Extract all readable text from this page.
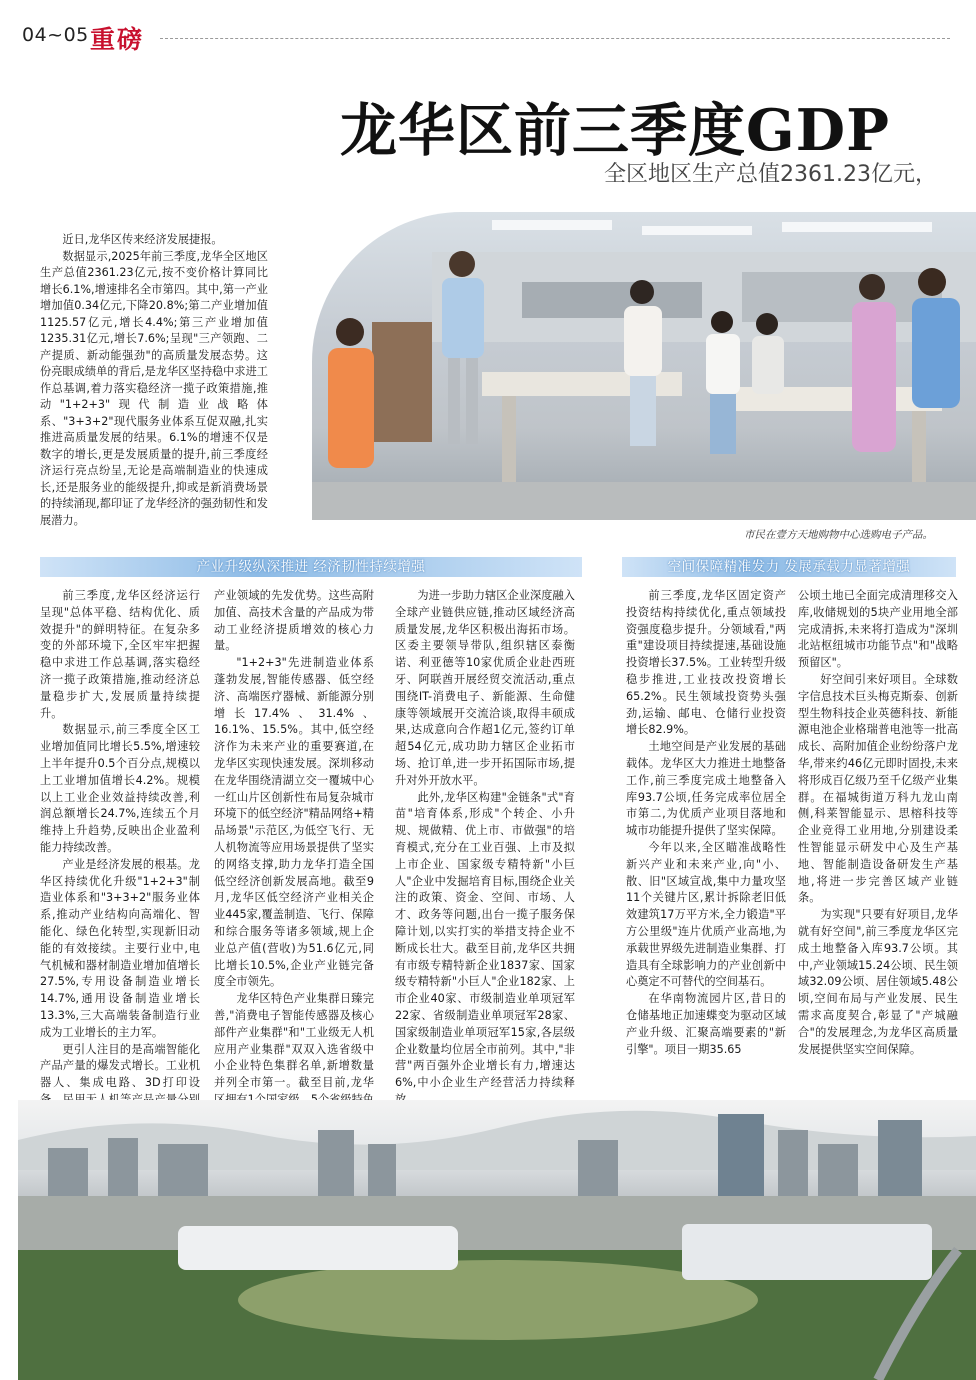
04~05 重磅
龙华区前三季度GDP
全区地区生产总值2361.23亿元，
市民在壹方天地购物中心选购电子产品。

近日,龙华区传来经济发展捷报。

数据显示,2025年前三季度,龙华全区地区生产总值2361.23亿元,按不变价格计算同比增长6.1%,增速排名全市第四。其中,第一产业增加值0.34亿元,下降20.8%;第二产业增加值1125.57亿元,增长4.4%;第三产业增加值1235.31亿元,增长7.6%;呈现"三产领跑、二产提质、新动能强劲"的高质量发展态势。这份亮眼成绩单的背后,是龙华区坚持稳中求进工作总基调,着力落实稳经济一揽子政策措施,推动"1+2+3"现代制造业战略体系、"3+3+2"现代服务业体系互促双融,扎实推进高质量发展的结果。6.1%的增速不仅是数字的增长,更是发展质量的提升,前三季度经济运行亮点纷呈,无论是高端制造业的快速成长,还是服务业的能级提升,抑或是新消费场景的持续涌现,都印证了龙华经济的强劲韧性和发展潜力。

产业升级纵深推进 经济韧性持续增强	空间保障精准发力 发展承载力显著增强

前三季度,龙华区经济运行呈现"总体平稳、结构优化、质效提升"的鲜明特征。在复杂多变的外部环境下,全区牢牢把握稳中求进工作总基调,落实稳经济一揽子政策措施,推动经济总量稳步扩大,发展质量持续提升。

数据显示,前三季度全区工业增加值同比增长5.5%,增速较上半年提升0.5个百分点,规模以上工业增加值增长4.2%。规模以上工业企业效益持续改善,利润总额增长24.7%,连续五个月维持上升趋势,反映出企业盈利能力持续改善。

产业是经济发展的根基。龙华区持续优化升级"1+2+3"制造业体系和"3+3+2"服务业体系,推动产业结构向高端化、智能化、绿色化转型,实现新旧动能的有效接续。主要行业中,电气机械和器材制造业增加值增长27.5%,专用设备制造业增长14.7%,通用设备制造业增长13.3%,三大高端装备制造行业成为工业增长的主力军。

更引人注目的是高端智能化产品产量的爆发式增长。工业机器人、集成电路、3D打印设

产业领域的先发优势。这些高附加值、高技术含量的产品成为带动工业经济提质增效的核心力量。

"1+2+3"先进制造业体系蓬勃发展,智能传感器、低空经济、高端医疗器械、新能源分别增长17.4%、31.4%、16.1%、15.5%。其中,低空经济作为未来产业的重要赛道,在龙华区实现快速发展。深圳移动在龙华围绕清湖立交一覆城中心一红山片区创新性布局复杂城市环境下的低空经济"精品网络+精品场景"示范区,为低空飞行、无人机物流等应用场景提供了坚实的网络支撑,助力龙华打造全国低空经济创新发展高地。截至9月,龙华区低空经济产业相关企业445家,覆盖制造、飞行、保障和综合服务等诸多领域,规上企业总产值(营收)为51.6亿元,同比增长10.5%,企业产业链完备度全市领先。

龙华区特色产业集群日臻完善,"消费电子智能传感器及核心部件产业集群"和"工业级无人机应用产业集群"双双入选省级中小企业特色集群名单,新增数量并列全市第一。截至目前,龙华

为进一步助力辖区企业深度融入全球产业链供应链,推动区域经济高质量发展,龙华区积极出海拓市场。区委主要领导带队,组织辖区泰衡诺、利亚德等10家优质企业赴西班牙、阿联酋开展经贸交流活动,重点围绕IT-消费电子、新能源、生命健康等领域展开交流洽谈,取得丰硕成果,达成意向合作超1亿元,签约订单超54亿元,成功助力辖区企业拓市场、抢订单,进一步开拓国际市场,提升对外开放水平。

此外,龙华区构建"金链条"式"育苗"培育体系,形成"个转企、小升规、规做精、优上市、市做强"的培育模式,充分在工业百强、上市及拟上市企业、国家级专精特新"小巨人"企业中发掘培育目标,围绕企业关注的政策、资金、空间、市场、人才、政务等问题,出台一揽子服务保障计划,以实打实的举措支持企业不断成长壮大。截至目前,龙华区共拥有市级专精特新企业1837家、国家级专精特新"小巨人"企业182家、上市企业40家、市级制造业单项冠军22家、省级制造业单项冠军28家、国家级制造业单项冠军15家,各层级企业数量均位居全市前列。其中,"非营"两百强外企业增长有力,增速达6%,中小企业生产经营活力持续释

前三季度,龙华区固定资产投资结构持续优化,重点领域投资强度稳步提升。分领域看,"两重"建设项目持续提速,基础设施投资增长37.5%。工业转型升级稳步推进,工业技改投资增长65.2%。民生领域投资势头强劲,运输、邮电、仓储行业投资增长82.9%。

土地空间是产业发展的基础载体。龙华区大力推进土地整备工作,前三季度完成土地整备入库93.7公顷,任务完成率位居全市第二,为优质产业项目落地和城市功能提升提供了坚实保障。

今年以来,全区瞄准战略性新兴产业和未来产业,向"小、散、旧"区域宣战,集中力量攻坚11个关键片区,累计拆除老旧低效建筑17万平方米,全力锻造"平方公里级"连片优质产业高地,为承载世界级先进制造业集群、打造具有全球影响力的产业创新中心奠定不可替代的空间基石。

在华南物流园片区,昔日的仓储基地正加速蝶变为驱动区域产业升级、汇聚高端要素的"新引擎"。项目一期35.65

公顷土地已全面完成清理移交入库,收储规划的5块产业用地全部完成清拆,未来将打造成为"深圳北站枢纽城市功能节点"和"战略预留区"。

好空间引来好项目。全球数字信息技术巨头梅克斯泰、创新型生物科技企业英德科技、新能源电池企业格瑞普电池等一批高成长、高附加值企业纷纷落户龙华,带来约46亿元即时固投,未来将形成百亿级乃至千亿级产业集群。在福城街道万科九龙山南侧,科莱智能显示、思榕科技等企业竞得工业用地,分别建设柔性智能显示研发中心及生产基地、智能制造设备研发生产基地,将进一步完善区域产业链条。

为实现"只要有好项目,龙华就有好空间",前三季度龙华区完成土地整备入库93.7公顷。其中,产业领域15.24公顷、民生领域32.09公顷、居住领域5.48公顷,空间布局与产业发展、民生需求高度契合,彰显了"产城融合"的发展理念,为龙华区高质量发展提供坚实空间保障。
